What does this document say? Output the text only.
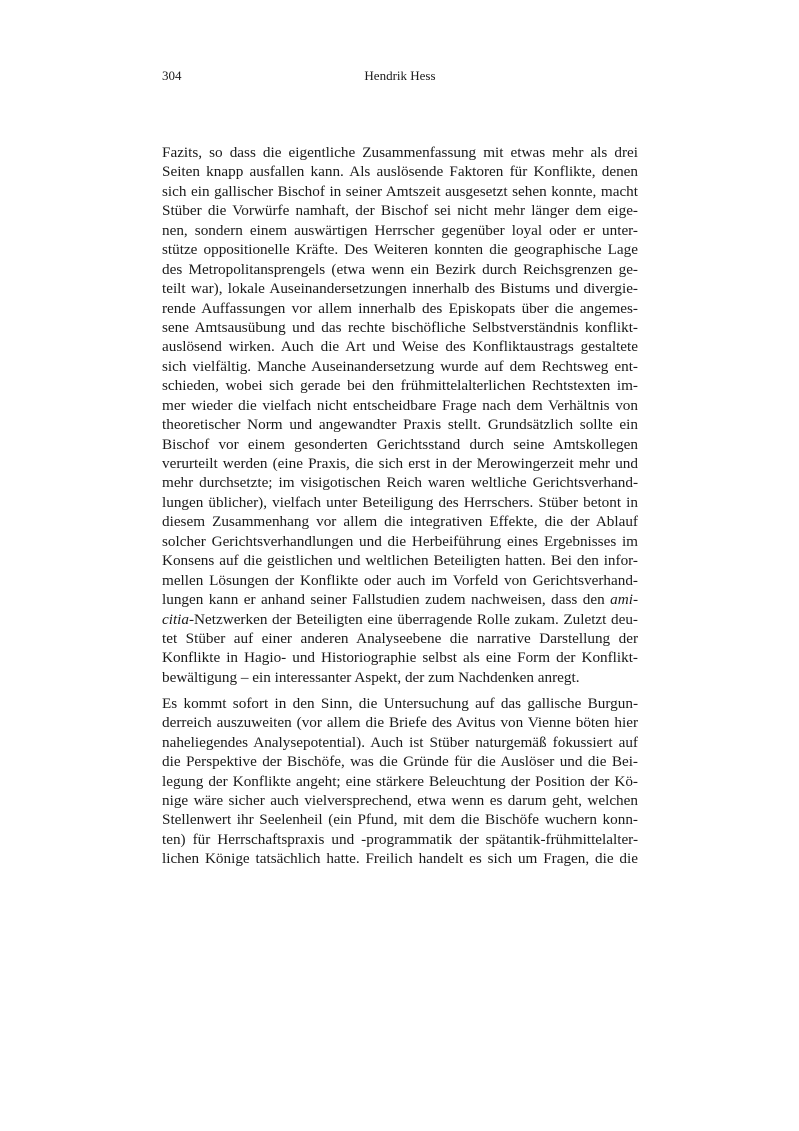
304	Hendrik Hess
Fazits, so dass die eigentliche Zusammenfassung mit etwas mehr als drei
Seiten knapp ausfallen kann. Als auslösende Faktoren für Konflikte, denen
sich ein gallischer Bischof in seiner Amtszeit ausgesetzt sehen konnte, macht
Stüber die Vorwürfe namhaft, der Bischof sei nicht mehr länger dem eige-
nen, sondern einem auswärtigen Herrscher gegenüber loyal oder er unter-
stütze oppositionelle Kräfte. Des Weiteren konnten die geographische Lage
des Metropolitansprengels (etwa wenn ein Bezirk durch Reichsgrenzen ge-
teilt war), lokale Auseinandersetzungen innerhalb des Bistums und divergie-
rende Auffassungen vor allem innerhalb des Episkopats über die angemes-
sene Amtsausübung und das rechte bischöfliche Selbstverständnis konflikt-
auslösend wirken. Auch die Art und Weise des Konfliktaustrags gestaltete
sich vielfältig. Manche Auseinandersetzung wurde auf dem Rechtsweg ent-
schieden, wobei sich gerade bei den frühmittelalterlichen Rechtstexten im-
mer wieder die vielfach nicht entscheidbare Frage nach dem Verhältnis von
theoretischer Norm und angewandter Praxis stellt. Grundsätzlich sollte ein
Bischof vor einem gesonderten Gerichtsstand durch seine Amtskollegen
verurteilt werden (eine Praxis, die sich erst in der Merowingerzeit mehr und
mehr durchsetzte; im visigotischen Reich waren weltliche Gerichtsverhand-
lungen üblicher), vielfach unter Beteiligung des Herrschers. Stüber betont in
diesem Zusammenhang vor allem die integrativen Effekte, die der Ablauf
solcher Gerichtsverhandlungen und die Herbeiführung eines Ergebnisses im
Konsens auf die geistlichen und weltlichen Beteiligten hatten. Bei den infor-
mellen Lösungen der Konflikte oder auch im Vorfeld von Gerichtsverhand-
lungen kann er anhand seiner Fallstudien zudem nachweisen, dass den ami-
citia-Netzwerken der Beteiligten eine überragende Rolle zukam. Zuletzt deu-
tet Stüber auf einer anderen Analyseebene die narrative Darstellung der
Konflikte in Hagio- und Historiographie selbst als eine Form der Konflikt-
bewältigung – ein interessanter Aspekt, der zum Nachdenken anregt.
Es kommt sofort in den Sinn, die Untersuchung auf das gallische Burgun-
derreich auszuweiten (vor allem die Briefe des Avitus von Vienne böten hier
naheliegendes Analysepotential). Auch ist Stüber naturgemäß fokussiert auf
die Perspektive der Bischöfe, was die Gründe für die Auslöser und die Bei-
legung der Konflikte angeht; eine stärkere Beleuchtung der Position der Kö-
nige wäre sicher auch vielversprechend, etwa wenn es darum geht, welchen
Stellenwert ihr Seelenheil (ein Pfund, mit dem die Bischöfe wuchern konn-
ten) für Herrschaftspraxis und -programmatik der spätantik-frühmittelalter-
lichen Könige tatsächlich hatte. Freilich handelt es sich um Fragen, die die
